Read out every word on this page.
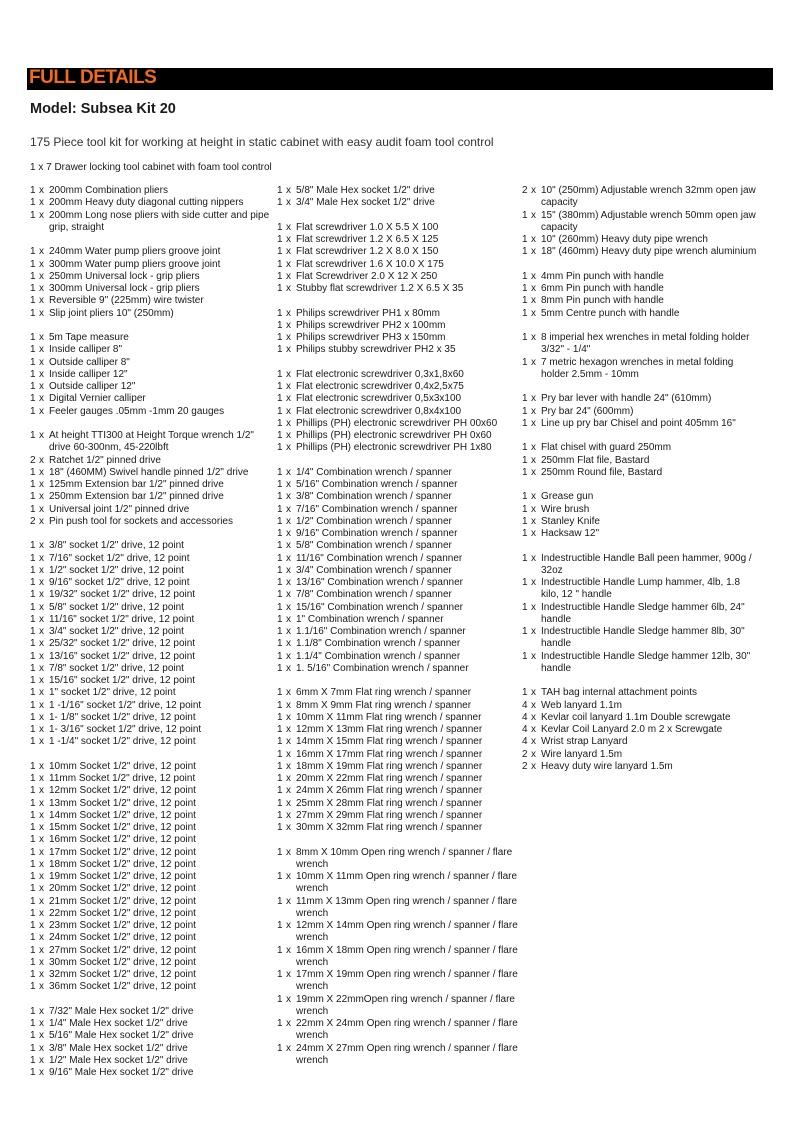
FULL DETAILS
Model: Subsea Kit 20
175 Piece tool kit for working at height in static cabinet with easy audit foam tool control
1 x 7 Drawer locking tool cabinet with foam tool control
1 x 200mm Combination pliers
1 x 200mm Heavy duty diagonal cutting nippers
1 x 200mm Long nose pliers with side cutter and pipe grip, straight
1 x 240mm Water pump pliers groove joint
1 x 300mm Water pump pliers groove joint
1 x 250mm Universal lock - grip pliers
1 x 300mm Universal lock - grip pliers
1 x Reversible 9" (225mm) wire twister
1 x Slip joint pliers 10" (250mm)
1 x 5m Tape measure
1 x Inside calliper 8"
1 x Outside calliper 8"
1 x Inside calliper 12"
1 x Outside calliper 12"
1 x Digital Vernier calliper
1 x Feeler gauges .05mm -1mm 20 gauges
1 x At height TTI300 at Height Torque wrench 1/2" drive 60-300nm, 45-220lbft
2 x Ratchet 1/2" pinned drive
1 x 18" (460MM) Swivel handle pinned 1/2" drive
1 x 125mm Extension bar 1/2" pinned drive
1 x 250mm Extension bar 1/2" pinned drive
1 x Universal joint 1/2" pinned drive
2 x Pin push tool for sockets and accessories
1 x 3/8" socket 1/2" drive, 12 point
1 x 7/16" socket 1/2" drive, 12 point
1 x 1/2" socket 1/2" drive, 12 point
1 x 9/16" socket 1/2" drive, 12 point
1 x 19/32" socket 1/2" drive, 12 point
1 x 5/8" socket 1/2" drive, 12 point
1 x 11/16" socket 1/2" drive, 12 point
1 x 3/4" socket 1/2" drive, 12 point
1 x 25/32" socket 1/2" drive, 12 point
1 x 13/16" socket 1/2" drive, 12 point
1 x 7/8" socket 1/2" drive, 12 point
1 x 15/16" socket 1/2" drive, 12 point
1 x 1" socket 1/2" drive, 12 point
1 x 1 -1/16" socket 1/2" drive, 12 point
1 x 1- 1/8" socket 1/2" drive, 12 point
1 x 1- 3/16" socket 1/2" drive, 12 point
1 x 1 -1/4" socket 1/2" drive, 12 point
1 x 10mm Socket 1/2" drive, 12 point
1 x 11mm Socket 1/2" drive, 12 point
1 x 12mm Socket 1/2" drive, 12 point
1 x 13mm Socket 1/2" drive, 12 point
1 x 14mm Socket 1/2" drive, 12 point
1 x 15mm Socket 1/2" drive, 12 point
1 x 16mm Socket 1/2" drive, 12 point
1 x 17mm Socket 1/2" drive, 12 point
1 x 18mm Socket 1/2" drive, 12 point
1 x 19mm Socket 1/2" drive, 12 point
1 x 20mm Socket 1/2" drive, 12 point
1 x 21mm Socket 1/2" drive, 12 point
1 x 22mm Socket 1/2" drive, 12 point
1 x 23mm Socket 1/2" drive, 12 point
1 x 24mm Socket 1/2" drive, 12 point
1 x 27mm Socket 1/2" drive, 12 point
1 x 30mm Socket 1/2" drive, 12 point
1 x 32mm Socket 1/2" drive, 12 point
1 x 36mm Socket 1/2" drive, 12 point
1 x 7/32" Male Hex socket 1/2" drive
1 x 1/4" Male Hex socket 1/2" drive
1 x 5/16" Male Hex socket 1/2" drive
1 x 3/8" Male Hex socket 1/2" drive
1 x 1/2" Male Hex socket 1/2" drive
1 x 9/16" Male Hex socket 1/2" drive
1 x 5/8" Male Hex socket 1/2" drive
1 x 3/4" Male Hex socket 1/2" drive
1 x Flat screwdriver 1.0 X 5.5 X 100
1 x Flat screwdriver 1.2 X 6.5 X 125
1 x Flat screwdriver 1.2 X 8.0 X 150
1 x Flat screwdriver 1.6 X 10.0 X 175
1 x Flat Screwdriver 2.0 X 12 X 250
1 x Stubby flat screwdriver 1.2 X 6.5 X 35
1 x Philips screwdriver PH1 x 80mm
1 x Philips screwdriver PH2 x 100mm
1 x Philips screwdriver PH3 x 150mm
1 x Philips stubby screwdriver PH2 x 35
1 x Flat electronic screwdriver 0,3x1,8x60
1 x Flat electronic screwdriver 0,4x2,5x75
1 x Flat electronic screwdriver 0,5x3x100
1 x Flat electronic screwdriver 0,8x4x100
1 x Phillips (PH) electronic screwdriver PH 00x60
1 x Phillips (PH) electronic screwdriver PH 0x60
1 x Phillips (PH) electronic screwdriver PH 1x80
1 x 1/4" Combination wrench / spanner
1 x 5/16" Combination wrench / spanner
1 x 3/8" Combination wrench / spanner
1 x 7/16" Combination wrench / spanner
1 x 1/2" Combination wrench / spanner
1 x 9/16" Combination wrench / spanner
1 x 5/8" Combination wrench / spanner
1 x 11/16" Combination wrench / spanner
1 x 3/4" Combination wrench / spanner
1 x 13/16" Combination wrench / spanner
1 x 7/8" Combination wrench / spanner
1 x 15/16" Combination wrench / spanner
1 x 1" Combination wrench / spanner
1 x 1.1/16" Combination wrench / spanner
1 x 1.1/8" Combination wrench / spanner
1 x 1.1/4" Combination wrench / spanner
1 x 1. 5/16" Combination wrench / spanner
1 x 6mm X 7mm Flat ring wrench / spanner
1 x 8mm X 9mm Flat ring wrench / spanner
1 x 10mm X 11mm Flat ring wrench / spanner
1 x 12mm X 13mm Flat ring wrench / spanner
1 x 14mm X 15mm Flat ring wrench / spanner
1 x 16mm X 17mm Flat ring wrench / spanner
1 x 18mm X 19mm Flat ring wrench / spanner
1 x 20mm X 22mm Flat ring wrench / spanner
1 x 24mm X 26mm Flat ring wrench / spanner
1 x 25mm X 28mm Flat ring wrench / spanner
1 x 27mm X 29mm Flat ring wrench / spanner
1 x 30mm X 32mm Flat ring wrench / spanner
1 x 8mm X 10mm Open ring wrench / spanner / flare wrench
1 x 10mm X 11mm Open ring wrench / spanner / flare wrench
1 x 11mm X 13mm Open ring wrench / spanner / flare wrench
1 x 12mm X 14mm Open ring wrench / spanner / flare wrench
1 x 16mm X 18mm Open ring wrench / spanner / flare wrench
1 x 17mm X 19mm Open ring wrench / spanner / flare wrench
1 x 19mm X 22mmOpen ring wrench / spanner / flare wrench
1 x 22mm X 24mm Open ring wrench / spanner / flare wrench
1 x 24mm X 27mm Open ring wrench / spanner / flare wrench
2 x 10" (250mm) Adjustable wrench 32mm open jaw capacity
1 x 15" (380mm) Adjustable wrench 50mm open jaw capacity
1 x 10" (260mm) Heavy duty pipe wrench
1 x 18" (460mm) Heavy duty pipe wrench aluminium
1 x 4mm Pin punch with handle
1 x 6mm Pin punch with handle
1 x 8mm Pin punch with handle
1 x 5mm Centre punch with handle
1 x 8 imperial hex wrenches in metal folding holder 3/32" - 1/4"
1 x 7 metric hexagon wrenches in metal folding holder 2.5mm - 10mm
1 x Pry bar lever with handle 24" (610mm)
1 x Pry bar 24" (600mm)
1 x Line up pry bar Chisel and point 405mm 16"
1 x Flat chisel with guard 250mm
1 x 250mm Flat file, Bastard
1 x 250mm Round file, Bastard
1 x Grease gun
1 x Wire brush
1 x Stanley Knife
1 x Hacksaw 12"
1 x Indestructible Handle Ball peen hammer, 900g / 32oz
1 x Indestructible Handle Lump hammer, 4lb, 1.8 kilo, 12 " handle
1 x Indestructible Handle Sledge hammer 6lb, 24" handle
1 x Indestructible Handle Sledge hammer 8lb, 30" handle
1 x Indestructible Handle Sledge hammer 12lb, 30" handle
1 x TAH bag internal attachment points
4 x Web lanyard 1.1m
4 x Kevlar coil lanyard 1.1m Double screwgate
4 x Kevlar Coil Lanyard 2.0 m 2 x Screwgate
4 x Wrist strap Lanyard
2 x Wire lanyard 1.5m
2 x Heavy duty wire lanyard 1.5m
